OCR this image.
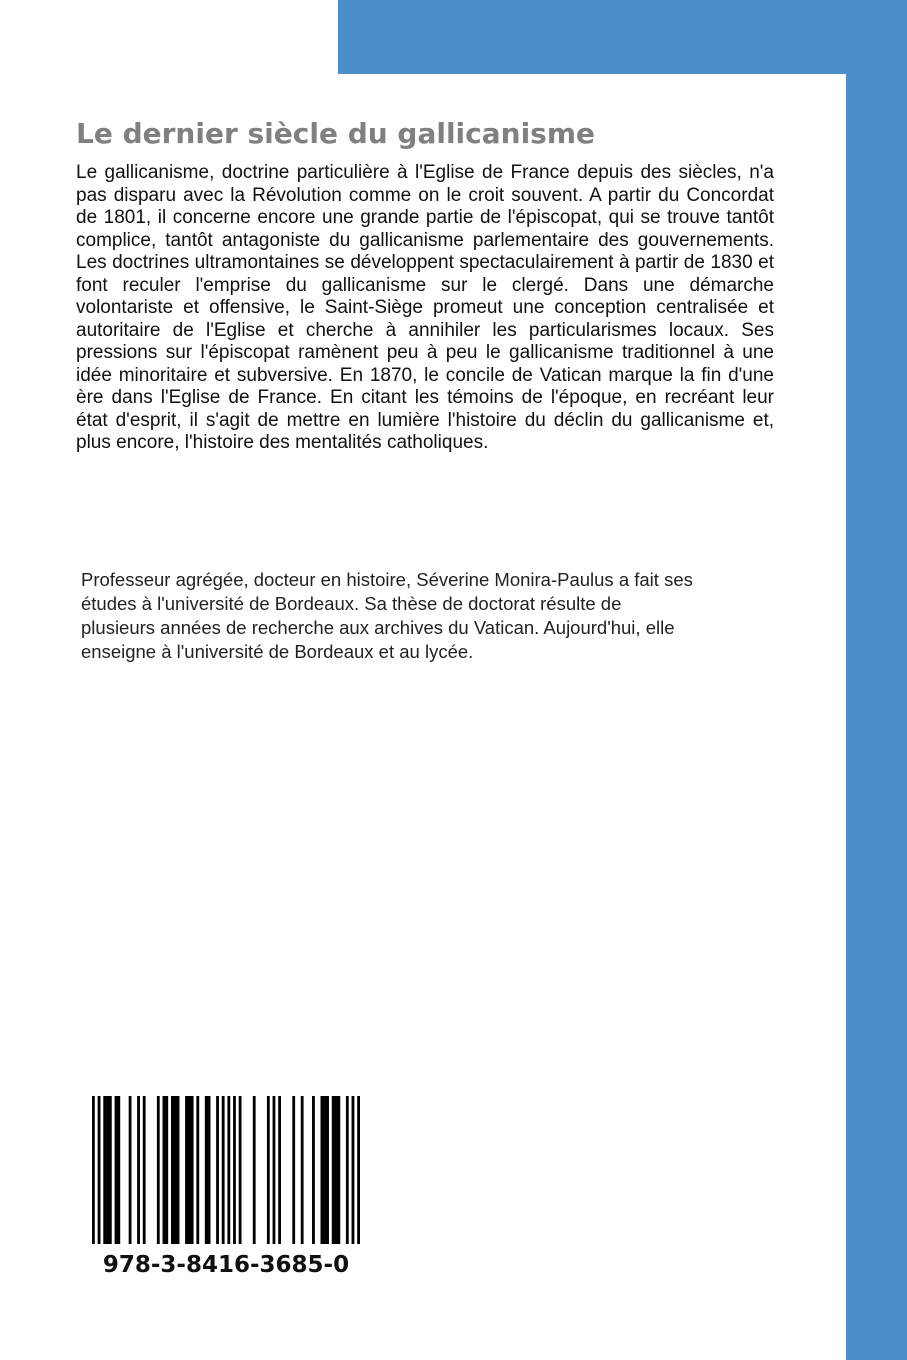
Le dernier siècle du gallicanisme

Le gallicanisme, doctrine particulière à l'Eglise de France depuis des siècles, n'a pas disparu avec la Révolution comme on le croit souvent. A partir du Concordat de 1801, il concerne encore une grande partie de l'épiscopat, qui se trouve tantôt complice, tantôt antagoniste du gallicanisme parlementaire des gouvernements. Les doctrines ultramontaines se développent spectaculairement à partir de 1830 et font reculer l'emprise du gallicanisme sur le clergé. Dans une démarche volontariste et offensive, le Saint-Siège promeut une conception centralisée et autoritaire de l'Eglise et cherche à annihiler les particularismes locaux. Ses pressions sur l'épiscopat ramènent peu à peu le gallicanisme traditionnel à une idée minoritaire et subversive. En 1870, le concile de Vatican marque la fin d'une ère dans l'Eglise de France. En citant les témoins de l'époque, en recréant leur état d'esprit, il s'agit de mettre en lumière l'histoire du déclin du gallicanisme et, plus encore, l'histoire des mentalités catholiques.

Professeur agrégée, docteur en histoire, Séverine Monira-Paulus a fait ses
études à l'université de Bordeaux. Sa thèse de doctorat résulte de
plusieurs années de recherche aux archives du Vatican. Aujourd'hui, elle
enseigne à l'université de Bordeaux et au lycée.
978-3-8416-3685-0
